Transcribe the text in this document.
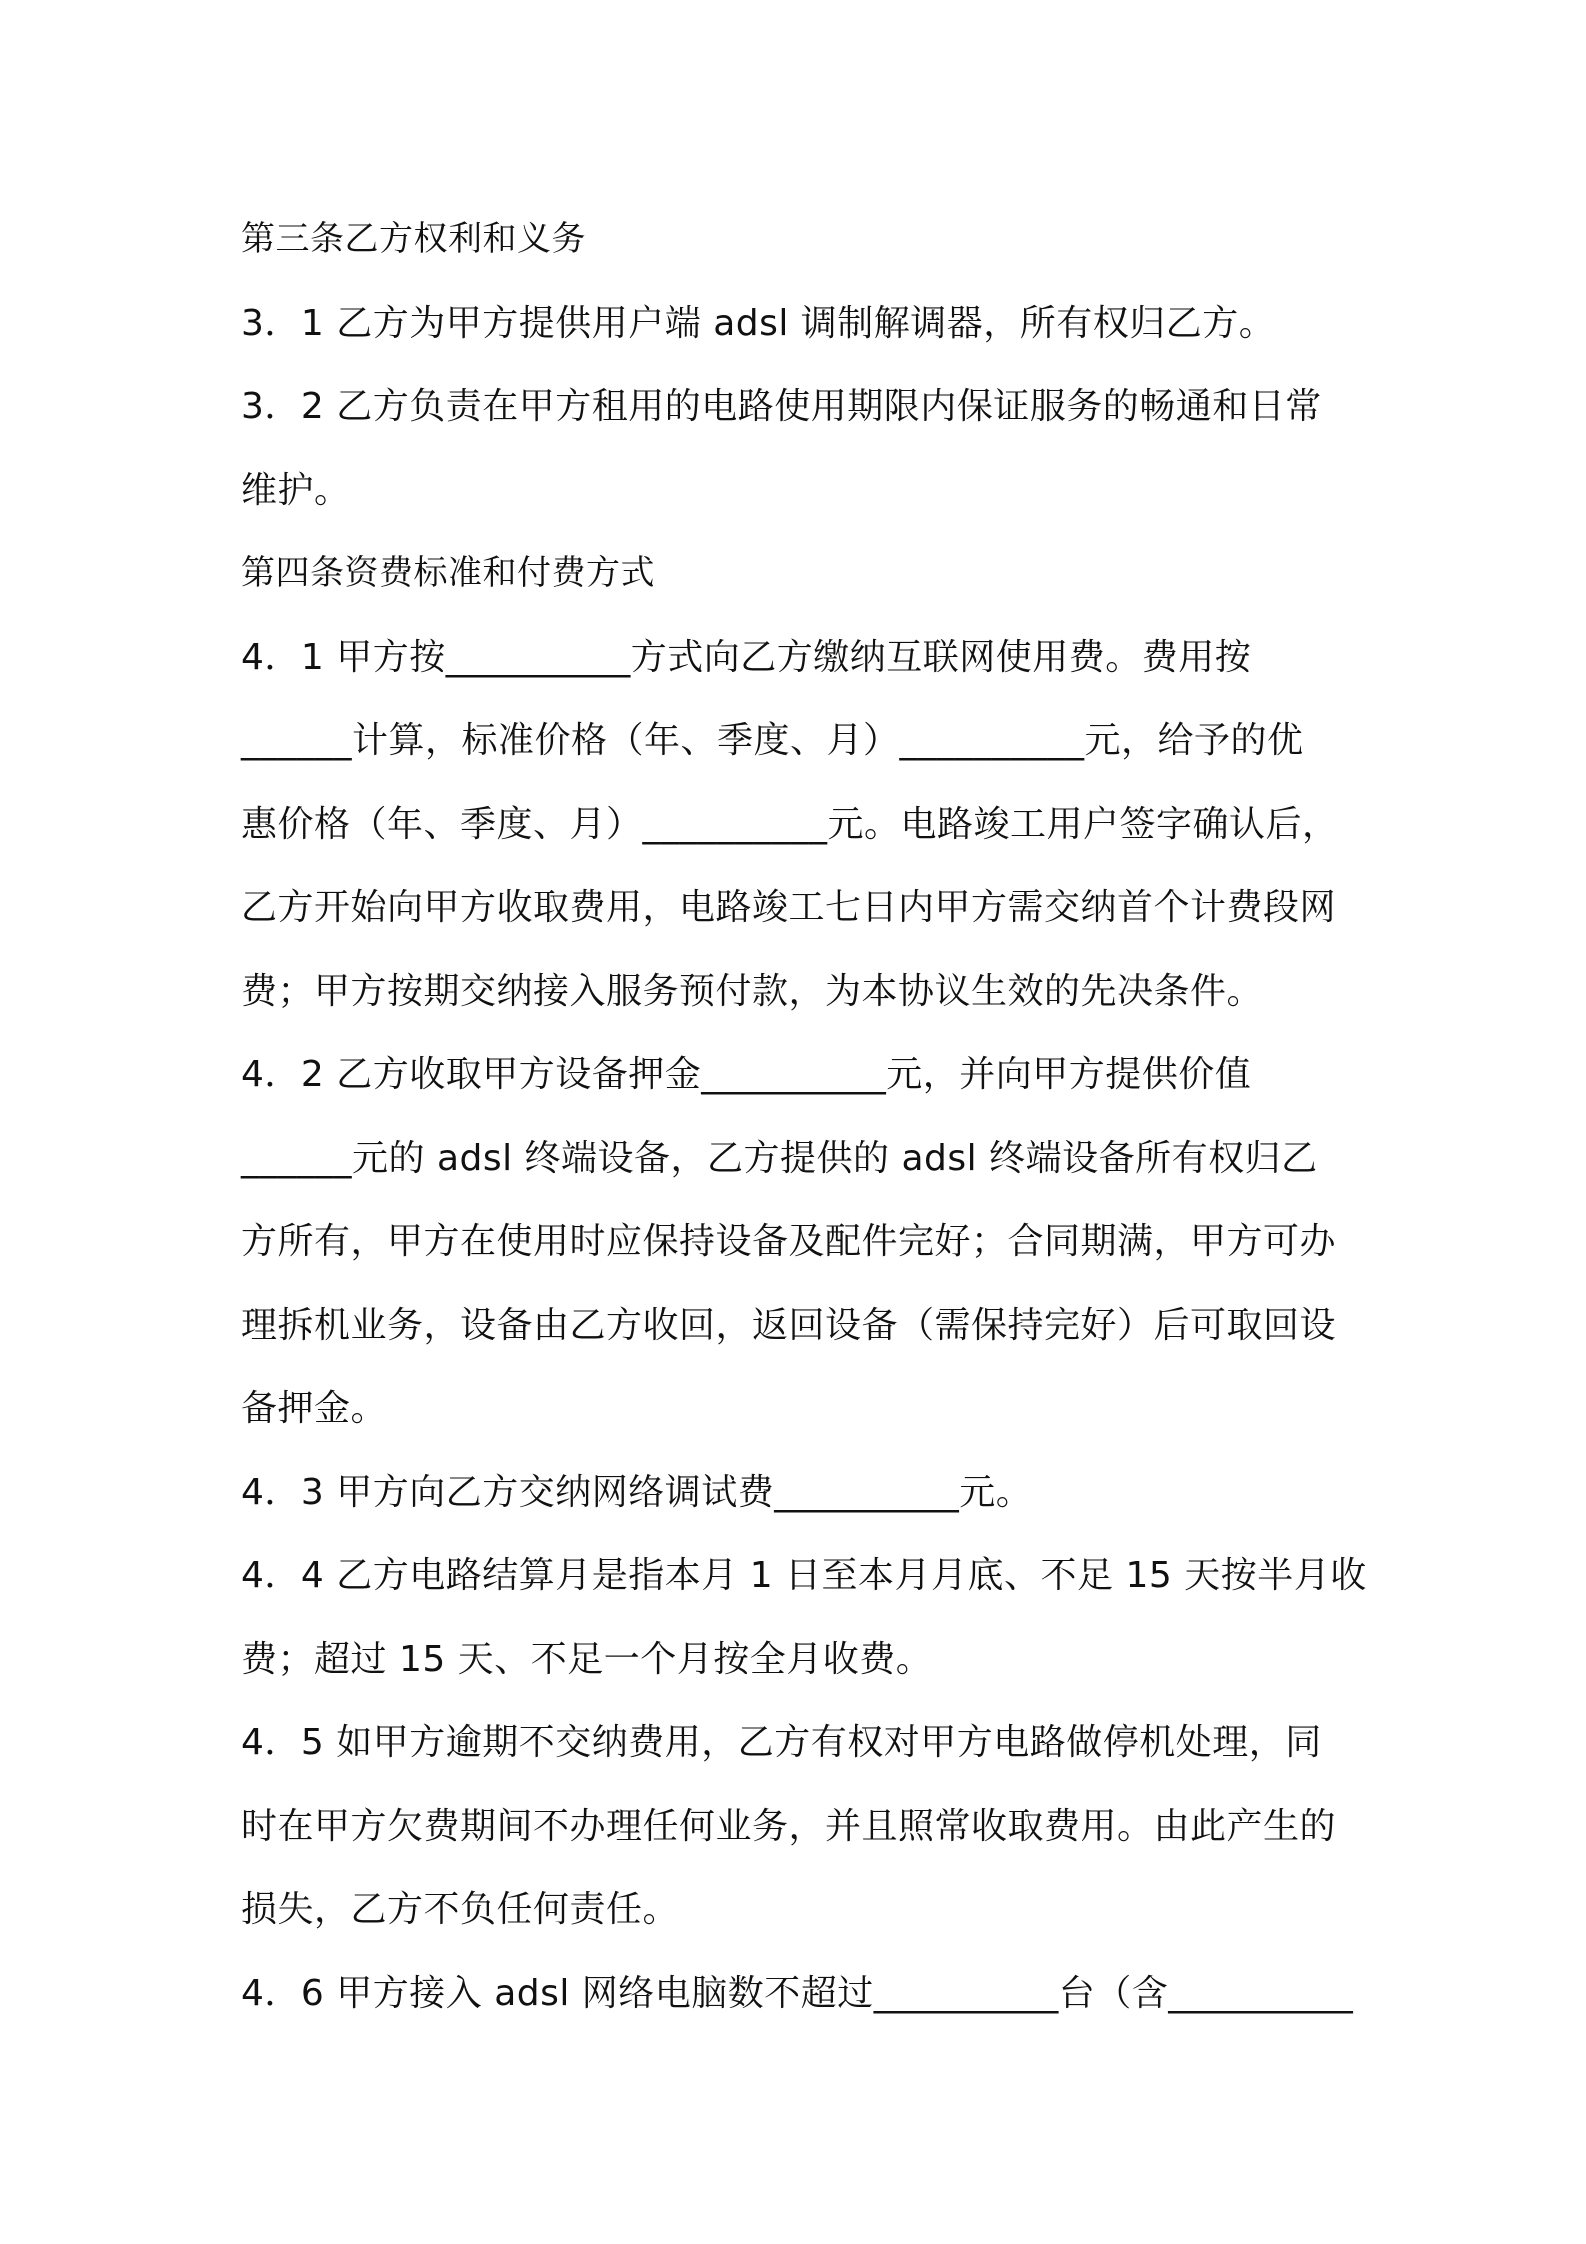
第三条乙方权利和义务
3．1 乙方为甲方提供用户端 adsl 调制解调器，所有权归乙方。
3．2 乙方负责在甲方租用的电路使用期限内保证服务的畅通和日常
维护。
第四条资费标准和付费方式
4．1 甲方按__________方式向乙方缴纳互联网使用费。费用按
______计算，标准价格（年、季度、月）__________元，给予的优
惠价格（年、季度、月）__________元。电路竣工用户签字确认后，
乙方开始向甲方收取费用，电路竣工七日内甲方需交纳首个计费段网
费；甲方按期交纳接入服务预付款，为本协议生效的先决条件。
4．2 乙方收取甲方设备押金__________元，并向甲方提供价值
______元的 adsl 终端设备，乙方提供的 adsl 终端设备所有权归乙
方所有，甲方在使用时应保持设备及配件完好；合同期满，甲方可办
理拆机业务，设备由乙方收回，返回设备（需保持完好）后可取回设
备押金。
4．3 甲方向乙方交纳网络调试费__________元。
4．4 乙方电路结算月是指本月 1 日至本月月底、不足 15 天按半月收
费；超过 15 天、不足一个月按全月收费。
4．5 如甲方逾期不交纳费用，乙方有权对甲方电路做停机处理，同
时在甲方欠费期间不办理任何业务，并且照常收取费用。由此产生的
损失，乙方不负任何责任。
4．6 甲方接入 adsl 网络电脑数不超过__________台（含__________
